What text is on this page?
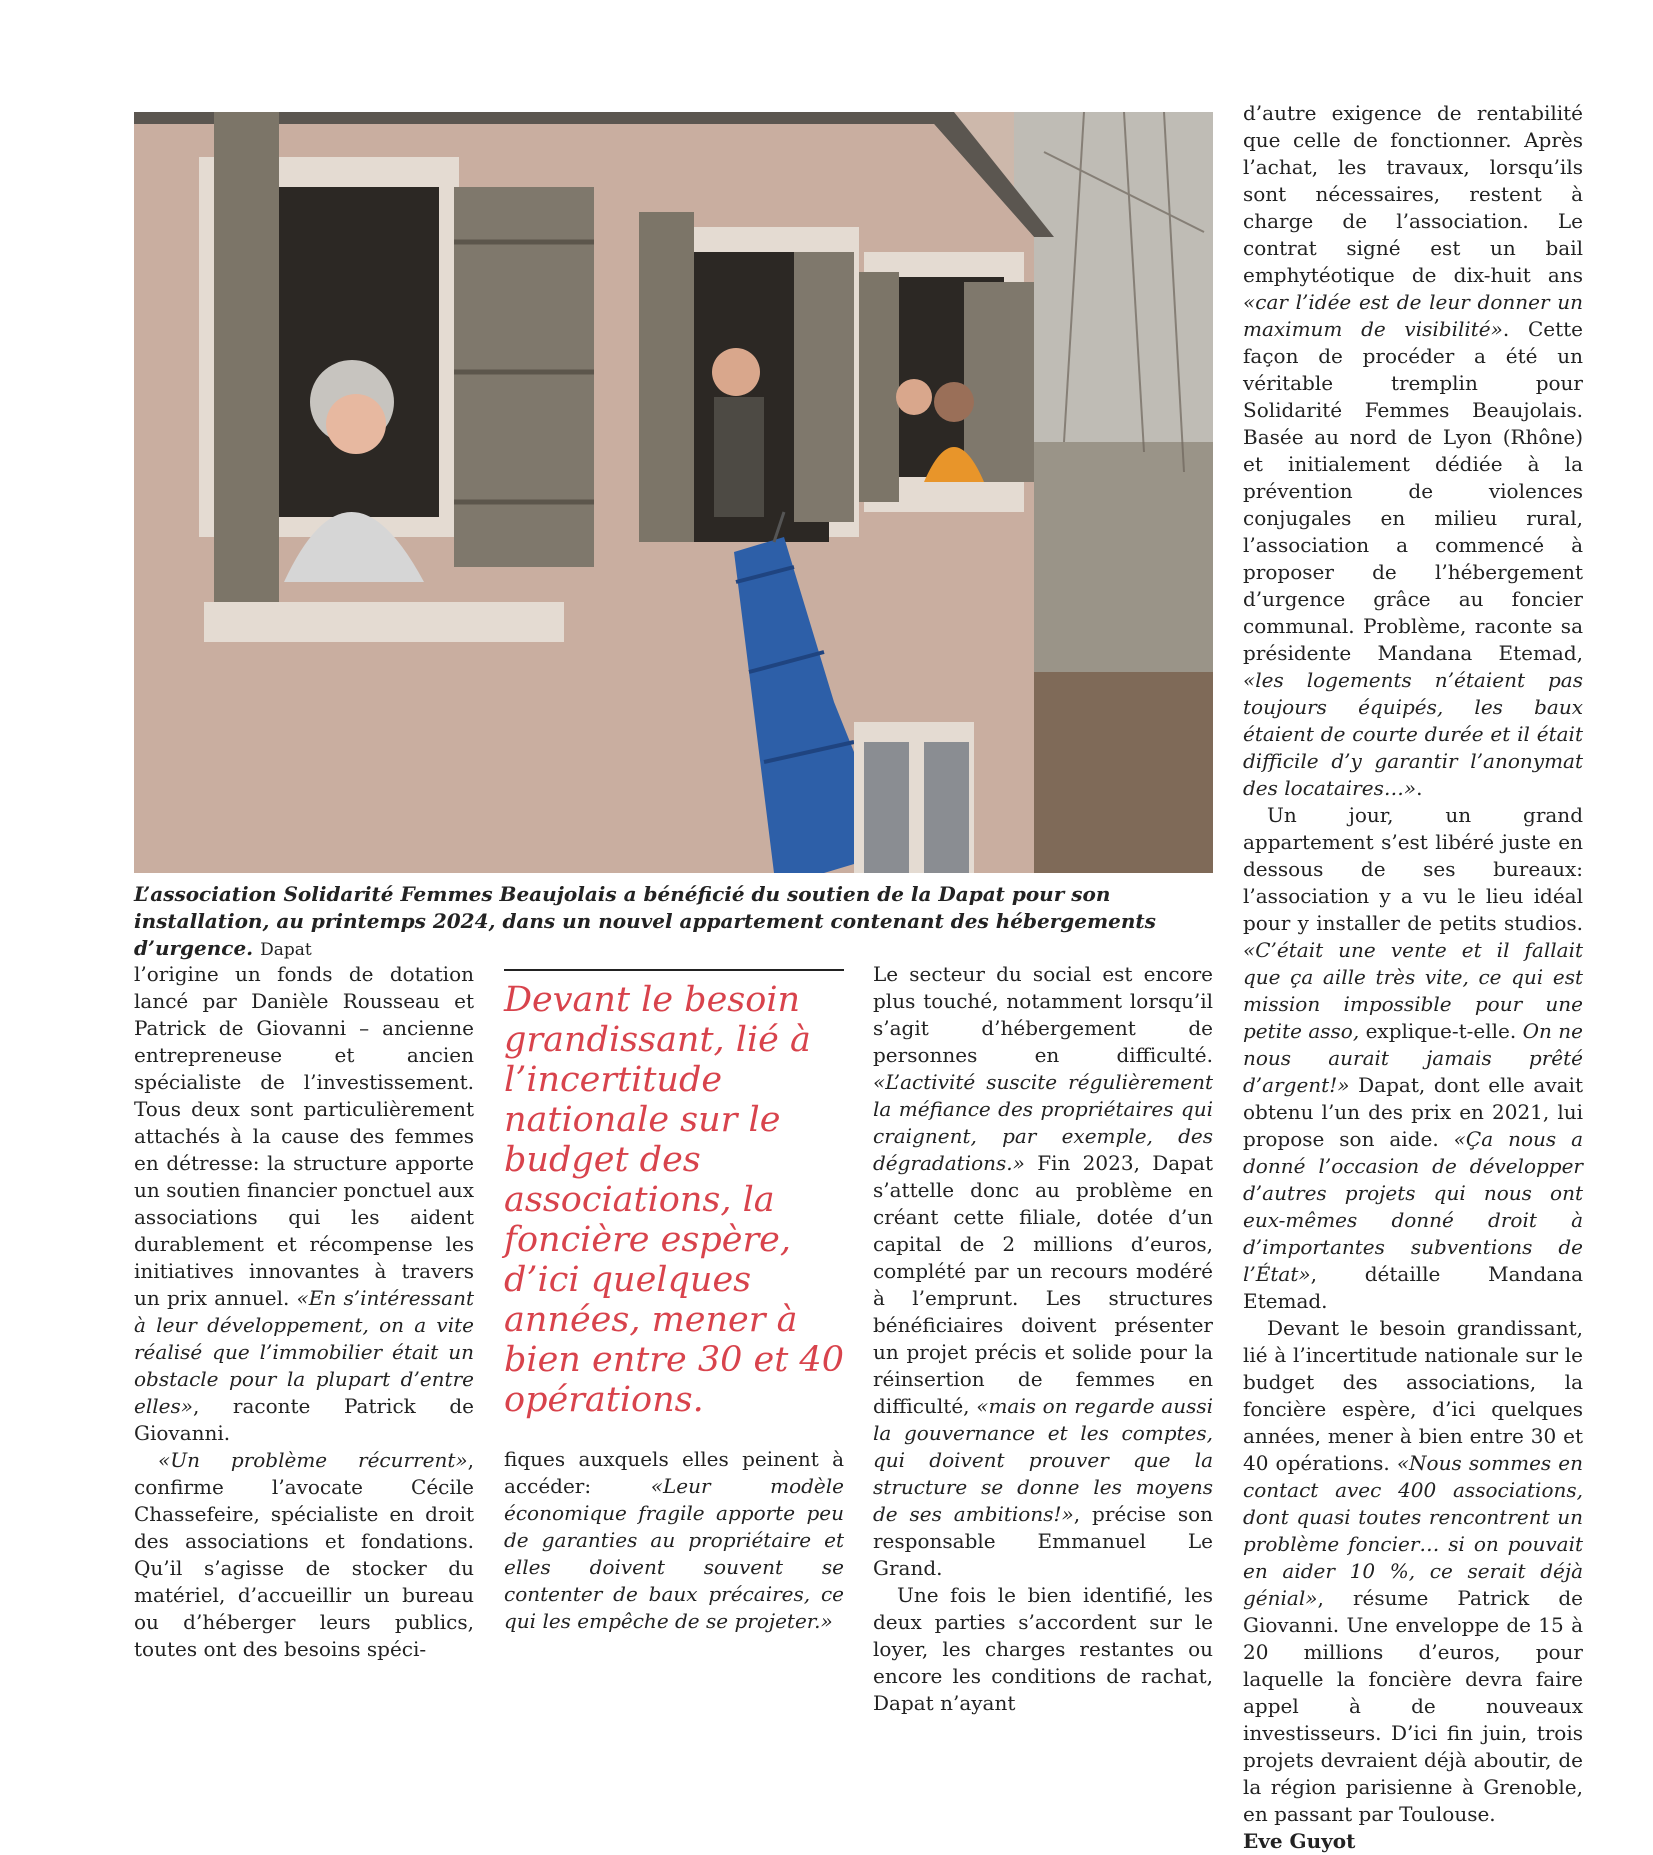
L’association Solidarité Femmes Beaujolais a bénéficié du soutien de la Dapat pour son installation, au printemps 2024, dans un nouvel appartement contenant des hébergements d’urgence. Dapat

l’origine un fonds de dotation lancé par Danièle Rousseau et Patrick de Giovanni – ancienne entrepreneuse et ancien spécialiste de l’investissement. Tous deux sont particulièrement attachés à la cause des femmes en détresse: la structure apporte un soutien financier ponctuel aux associations qui les aident durablement et récompense les initiatives innovantes à travers un prix annuel. «En s’intéressant à leur développement, on a vite réalisé que l’immobilier était un obstacle pour la plupart d’entre elles», raconte Patrick de Giovanni.

«Un problème récurrent», confirme l’avocate Cécile Chassefeire, spécialiste en droit des associations et fondations. Qu’il s’agisse de stocker du matériel, d’accueillir un bureau ou d’héberger leurs publics, toutes ont des besoins spéci-

Devant le besoin grandissant, lié à l’incertitude nationale sur le budget des associations, la foncière espère, d’ici quelques années, mener à bien entre 30 et 40 opérations.

fiques auxquels elles peinent à accéder: «Leur modèle économique fragile apporte peu de garanties au propriétaire et elles doivent souvent se contenter de baux précaires, ce qui les empêche de se projeter.»

Le secteur du social est encore plus touché, notamment lorsqu’il s’agit d’hébergement de personnes en difficulté. «L’activité suscite régulièrement la méfiance des propriétaires qui craignent, par exemple, des dégradations.» Fin 2023, Dapat s’attelle donc au problème en créant cette filiale, dotée d’un capital de 2 millions d’euros, complété par un recours modéré à l’emprunt. Les structures bénéficiaires doivent présenter un projet précis et solide pour la réinsertion de femmes en difficulté, «mais on regarde aussi la gouvernance et les comptes, qui doivent prouver que la structure se donne les moyens de ses ambitions!», précise son responsable Emmanuel Le Grand.

Une fois le bien identifié, les deux parties s’accordent sur le loyer, les charges restantes ou encore les conditions de rachat, Dapat n’ayant

d’autre exigence de rentabilité que celle de fonctionner. Après l’achat, les travaux, lorsqu’ils sont nécessaires, restent à charge de l’association. Le contrat signé est un bail emphytéotique de dix-huit ans «car l’idée est de leur donner un maximum de visibilité». Cette façon de procéder a été un véritable tremplin pour Solidarité Femmes Beaujolais. Basée au nord de Lyon (Rhône) et initialement dédiée à la prévention de violences conjugales en milieu rural, l’association a commencé à proposer de l’hébergement d’urgence grâce au foncier communal. Problème, raconte sa présidente Mandana Etemad, «les logements n’étaient pas toujours équipés, les baux étaient de courte durée et il était difficile d’y garantir l’anonymat des locataires…».

Un jour, un grand appartement s’est libéré juste en dessous de ses bureaux: l’association y a vu le lieu idéal pour y installer de petits studios. «C’était une vente et il fallait que ça aille très vite, ce qui est mission impossible pour une petite asso, explique-t-elle. On ne nous aurait jamais prêté d’argent!» Dapat, dont elle avait obtenu l’un des prix en 2021, lui propose son aide. «Ça nous a donné l’occasion de développer d’autres projets qui nous ont eux-mêmes donné droit à d’importantes subventions de l’État», détaille Mandana Etemad.

Devant le besoin grandissant, lié à l’incertitude nationale sur le budget des associations, la foncière espère, d’ici quelques années, mener à bien entre 30 et 40 opérations. «Nous sommes en contact avec 400 associations, dont quasi toutes rencontrent un problème foncier… si on pouvait en aider 10 %, ce serait déjà génial», résume Patrick de Giovanni. Une enveloppe de 15 à 20 millions d’euros, pour laquelle la foncière devra faire appel à de nouveaux investisseurs. D’ici fin juin, trois projets devraient déjà aboutir, de la région parisienne à Grenoble, en passant par Toulouse.

Eve Guyot
